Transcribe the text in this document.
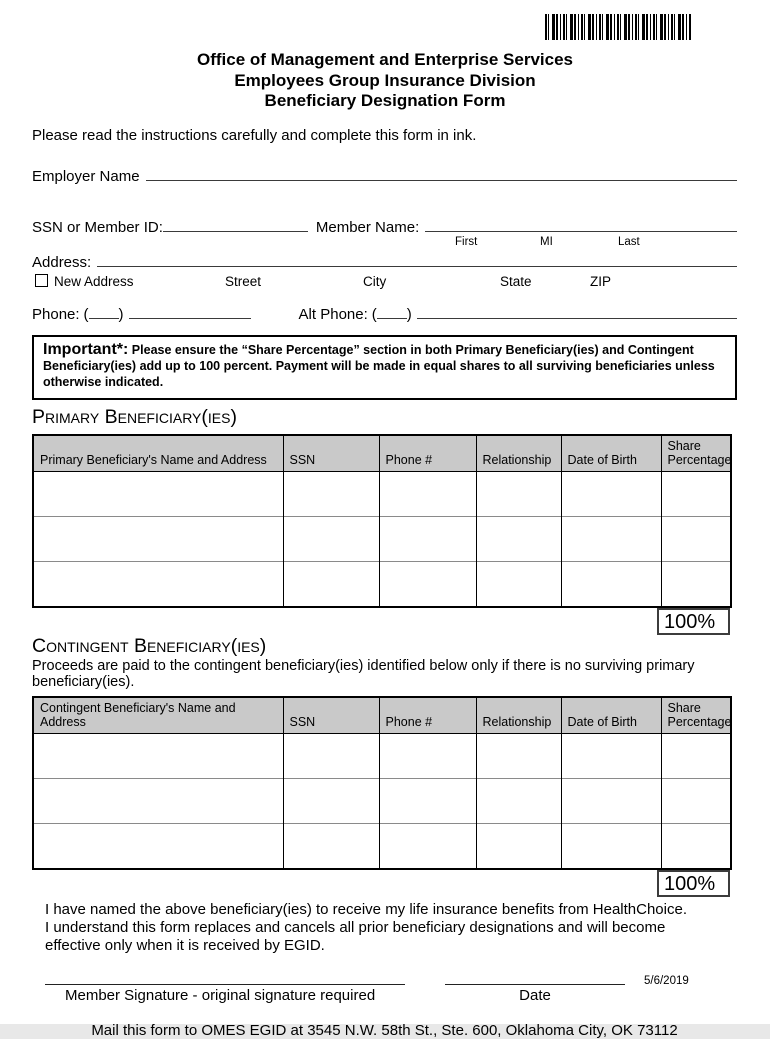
Office of Management and Enterprise Services
Employees Group Insurance Division
Beneficiary Designation Form
Please read the instructions carefully and complete this form in ink.
Employer Name
SSN or Member ID:	Member Name:
First	MI	Last
Address:
New Address	Street	City	State	ZIP
Phone: ( )	Alt Phone: ( )
Important*: Please ensure the “Share Percentage” section in both Primary Beneficiary(ies) and Contingent Beneficiary(ies) add up to 100 percent. Payment will be made in equal shares to all surviving beneficiaries unless otherwise indicated.
Primary Beneficiary(ies)
Primary Beneficiary's Name and Address	SSN	Phone #	Relationship	Date of Birth	Share Percentage

100%
Contingent Beneficiary(ies)
Proceeds are paid to the contingent beneficiary(ies) identified below only if there is no surviving primary beneficiary(ies).
Contingent Beneficiary's Name and Address	SSN	Phone #	Relationship	Date of Birth	Share Percentage

100%
I have named the above beneficiary(ies) to receive my life insurance benefits from HealthChoice. I understand this form replaces and cancels all prior beneficiary designations and will become effective only when it is received by EGID.
Member Signature - original signature required	Date
Mail this form to OMES EGID at 3545 N.W. 58th St., Ste. 600, Oklahoma City, OK 73112
5/6/2019
